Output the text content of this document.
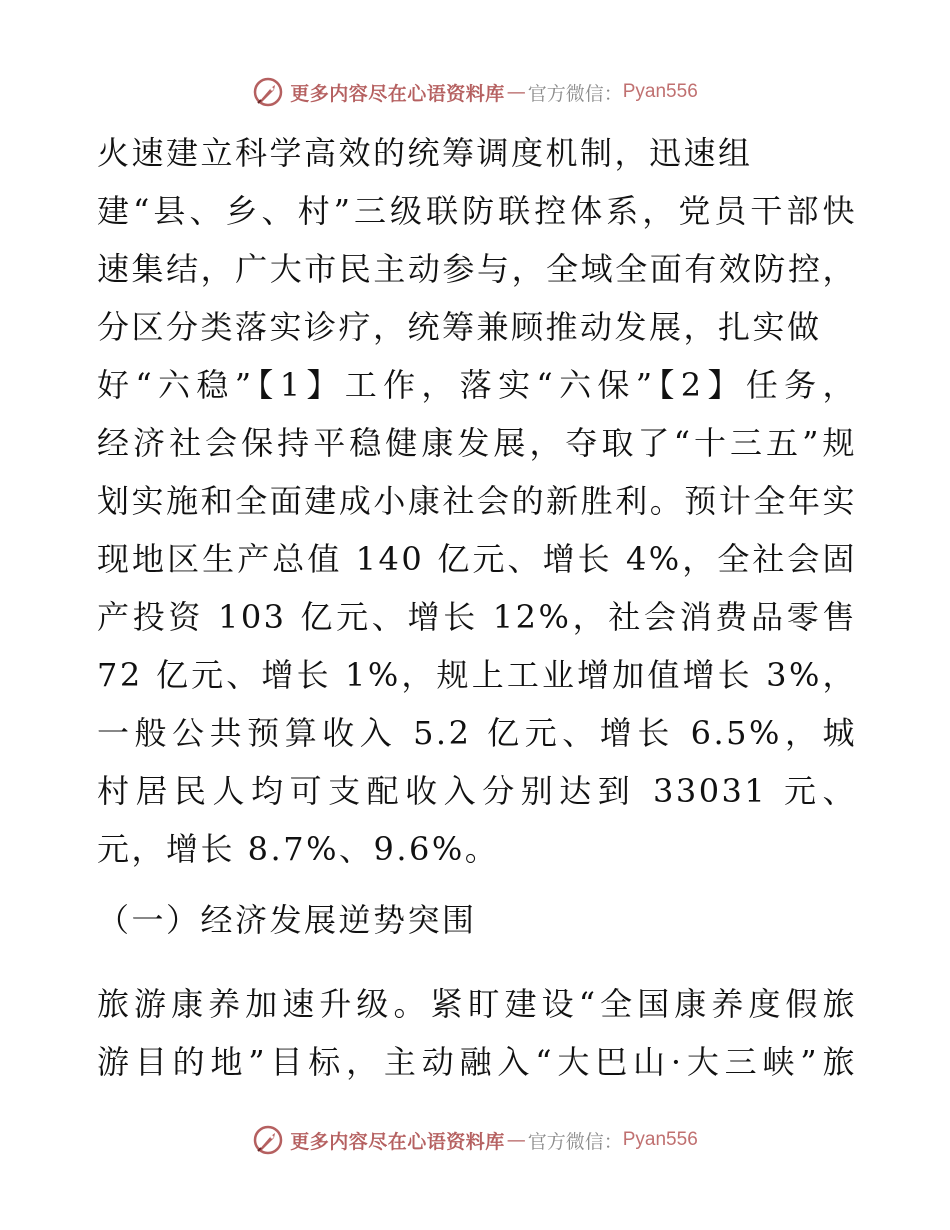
更多内容尽在心语资料库 — 官方微信： Pyan556
火速建立科学高效的统筹调度机制，迅速组
建“县、乡、村”三级联防联控体系，党员干部快
速集结，广大市民主动参与，全域全面有效防控，
分区分类落实诊疗，统筹兼顾推动发展，扎实做
好“六稳”【1】工作，落实“六保”【2】任务，
经济社会保持平稳健康发展，夺取了“十三五”规
划实施和全面建成小康社会的新胜利。预计全年实
现地区生产总值 140 亿元、增长 4%，全社会固
产投资 103 亿元、增长 12%，社会消费品零售
72 亿元、增长 1%，规上工业增加值增长 3%，
一般公共预算收入 5.2 亿元、增长 6.5%，城
村居民人均可支配收入分别达到 33031 元、
元，增长 8.7%、9.6%。
（一）经济发展逆势突围
旅游康养加速升级。紧盯建设“全国康养度假旅
游目的地”目标，主动融入“大巴山·大三峡”旅
更多内容尽在心语资料库 — 官方微信： Pyan556
